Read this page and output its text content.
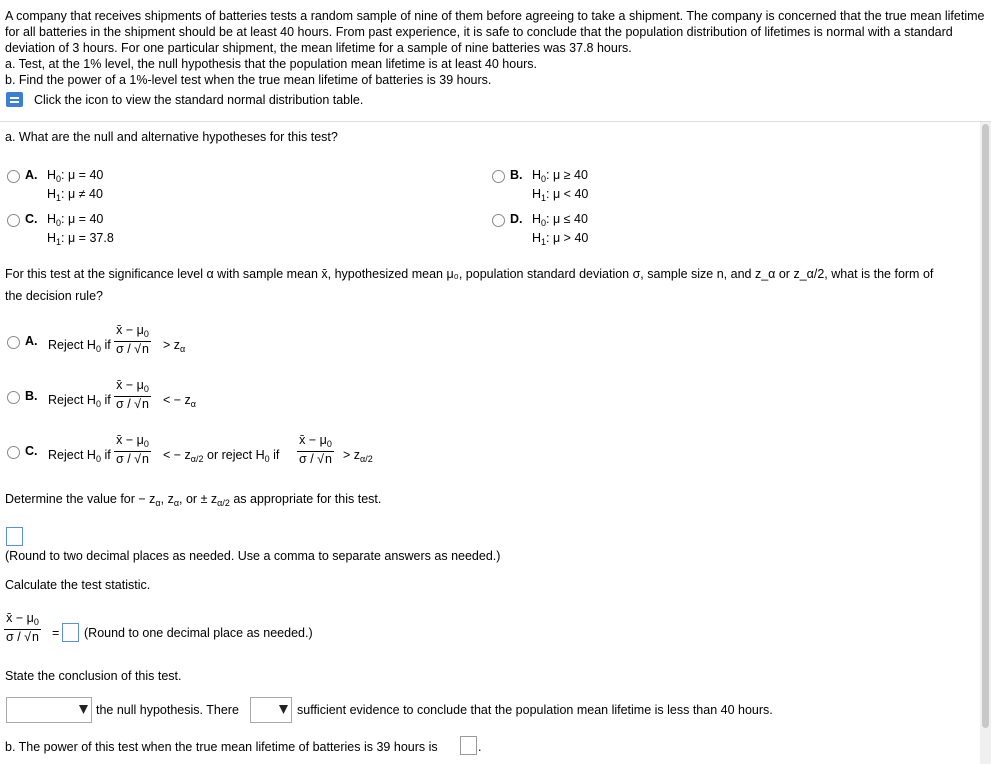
A company that receives shipments of batteries tests a random sample of nine of them before agreeing to take a shipment. The company is concerned that the true mean lifetime for all batteries in the shipment should be at least 40 hours. From past experience, it is safe to conclude that the population distribution of lifetimes is normal with a standard deviation of 3 hours. For one particular shipment, the mean lifetime for a sample of nine batteries was 37.8 hours.
a. Test, at the 1% level, the null hypothesis that the population mean lifetime is at least 40 hours.
b. Find the power of a 1%-level test when the true mean lifetime of batteries is 39 hours.
Click the icon to view the standard normal distribution table.
a. What are the null and alternative hypotheses for this test?
A. $H_0$: μ = 40
$H_1$: μ ≠ 40
B. $H_0$: μ ≥ 40
$H_1$: μ < 40
C. $H_0$: μ = 40
$H_1$: μ = 37.8
D. $H_0$: μ ≤ 40
$H_1$: μ > 40
For this test at the significance level α with sample mean x̄, hypothesized mean μ₀, population standard deviation σ, sample size n, and z_α or z_α/2, what is the form of
the decision rule?
A. Reject $H_0$ if $\frac{x̄ - \mu_0}{\sigma / √n} > z_\alpha$
B. Reject $H_0$ if $\frac{x̄ - \mu_0}{\sigma / √n}$ < − $z_\alpha$
C. Reject $H_0$ if $\frac{x̄ - \mu_0}{\sigma / √n}$ < − $z_{\alpha/2}$ or reject $H_0$ if $\frac{x̄ - \mu_0}{\sigma / √n} > z_{\alpha/2}$
Determine the value for − $z_\alpha$, $z_\alpha$, or ± $z_{\alpha/2}$ as appropriate for this test.
(Round to two decimal places as needed. Use a comma to separate answers as needed.)
Calculate the test statistic.
$\frac{x̄ - \mu_0}{\sigma / √n}$ = (Round to one decimal place as needed.)
State the conclusion of this test.
the null hypothesis. There	sufficient evidence to conclude that the population mean lifetime is less than 40 hours.
b. The power of this test when the true mean lifetime of batteries is 39 hours is	.
